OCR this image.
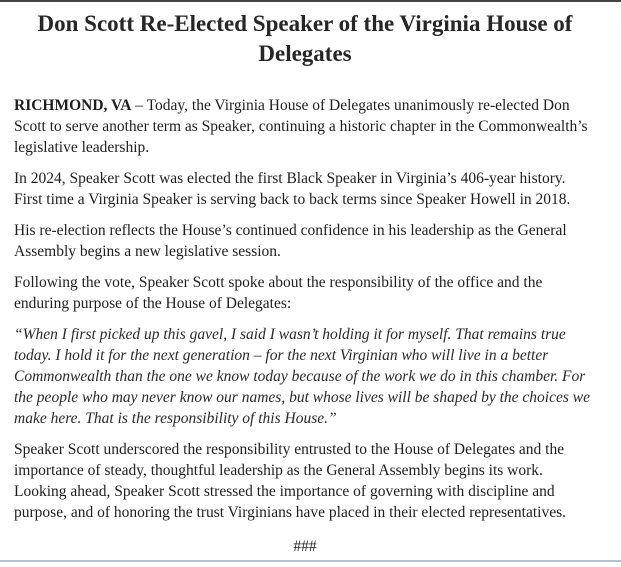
Don Scott Re-Elected Speaker of the Virginia House of Delegates

RICHMOND, VA – Today, the Virginia House of Delegates unanimously re-elected Don Scott to serve another term as Speaker, continuing a historic chapter in the Commonwealth’s legislative leadership.

In 2024, Speaker Scott was elected the first Black Speaker in Virginia’s 406-year history. First time a Virginia Speaker is serving back to back terms since Speaker Howell in 2018.

His re-election reflects the House’s continued confidence in his leadership as the General Assembly begins a new legislative session.

Following the vote, Speaker Scott spoke about the responsibility of the office and the enduring purpose of the House of Delegates:

“When I first picked up this gavel, I said I wasn’t holding it for myself. That remains true today. I hold it for the next generation – for the next Virginian who will live in a better Commonwealth than the one we know today because of the work we do in this chamber. For the people who may never know our names, but whose lives will be shaped by the choices we make here. That is the responsibility of this House.”

Speaker Scott underscored the responsibility entrusted to the House of Delegates and the importance of steady, thoughtful leadership as the General Assembly begins its work. Looking ahead, Speaker Scott stressed the importance of governing with discipline and purpose, and of honoring the trust Virginians have placed in their elected representatives.

###
